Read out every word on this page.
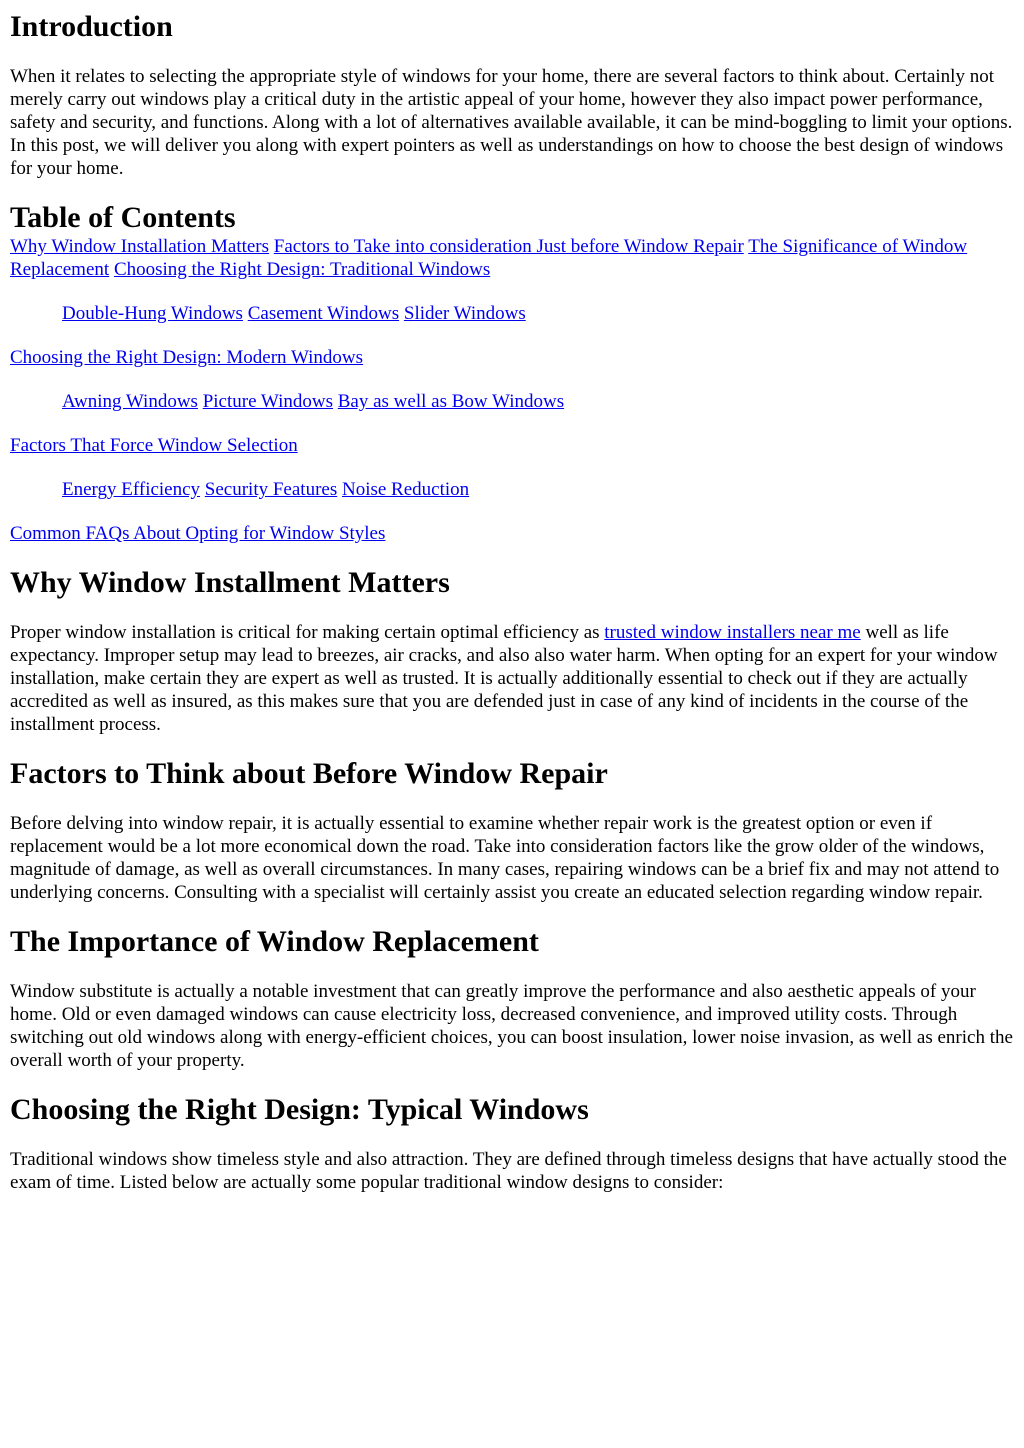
Introduction

When it relates to selecting the appropriate style of windows for your home, there are several factors to think about. Certainly not merely carry out windows play a critical duty in the artistic appeal of your home, however they also impact power performance, safety and security, and functions. Along with a lot of alternatives available available, it can be mind-boggling to limit your options. In this post, we will deliver you along with expert pointers as well as understandings on how to choose the best design of windows for your home.

Table of Contents

Why Window Installation Matters Factors to Take into consideration Just before Window Repair The Significance of Window Replacement Choosing the Right Design: Traditional Windows

Double-Hung Windows Casement Windows Slider Windows

Choosing the Right Design: Modern Windows

Awning Windows Picture Windows Bay as well as Bow Windows

Factors That Force Window Selection

Energy Efficiency Security Features Noise Reduction

Common FAQs About Opting for Window Styles

Why Window Installment Matters

Proper window installation is critical for making certain optimal efficiency as trusted window installers near me well as life expectancy. Improper setup may lead to breezes, air cracks, and also also water harm. When opting for an expert for your window installation, make certain they are expert as well as trusted. It is actually additionally essential to check out if they are actually accredited as well as insured, as this makes sure that you are defended just in case of any kind of incidents in the course of the installment process.

Factors to Think about Before Window Repair

Before delving into window repair, it is actually essential to examine whether repair work is the greatest option or even if replacement would be a lot more economical down the road. Take into consideration factors like the grow older of the windows, magnitude of damage, as well as overall circumstances. In many cases, repairing windows can be a brief fix and may not attend to underlying concerns. Consulting with a specialist will certainly assist you create an educated selection regarding window repair.

The Importance of Window Replacement

Window substitute is actually a notable investment that can greatly improve the performance and also aesthetic appeals of your home. Old or even damaged windows can cause electricity loss, decreased convenience, and improved utility costs. Through switching out old windows along with energy-efficient choices, you can boost insulation, lower noise invasion, as well as enrich the overall worth of your property.

Choosing the Right Design: Typical Windows

Traditional windows show timeless style and also attraction. They are defined through timeless designs that have actually stood the exam of time. Listed below are actually some popular traditional window designs to consider:
